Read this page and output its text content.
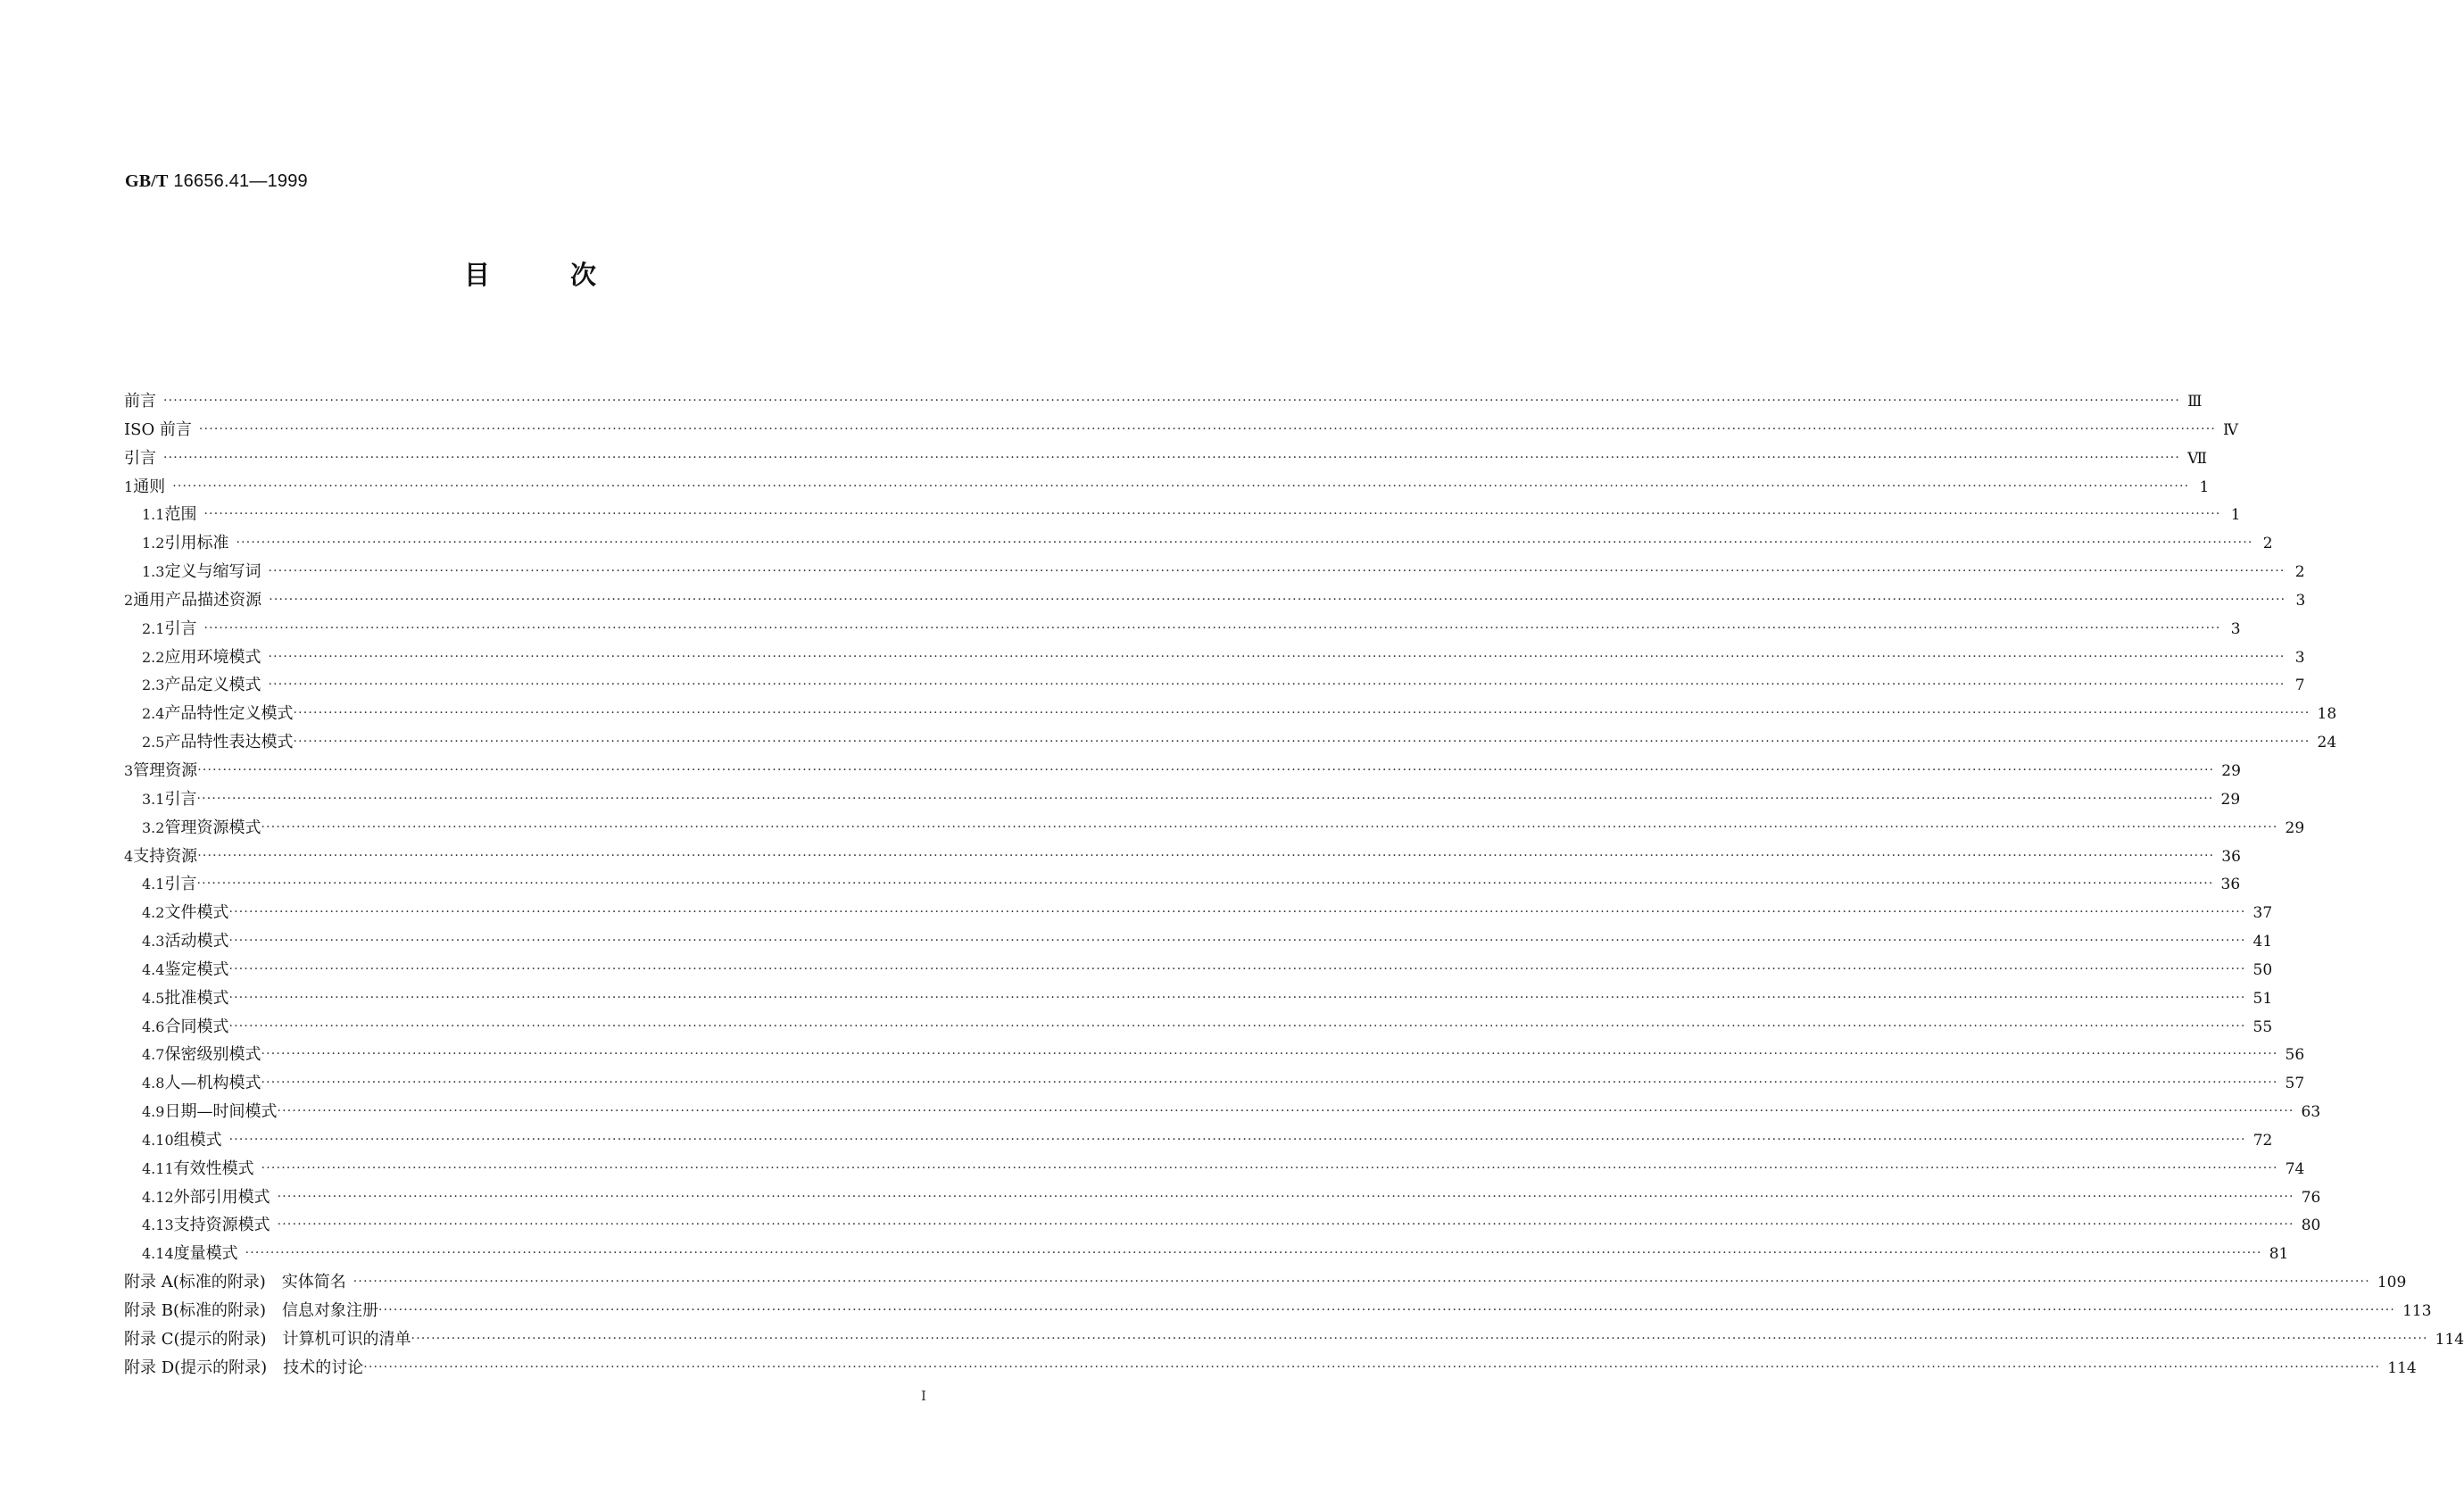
GB/T 16656.41—1999
目次
前言 ················································································································································································································································································································································································································ Ⅲ
ISO 前言 ················································································································································································································································································································································································································ Ⅳ
引言 ················································································································································································································································································································································································································ Ⅶ
1 通则 ················································································································································································································································································································································································································ 1
1.1 范围 ················································································································································································································································································································································································································ 1
1.2 引用标准 ················································································································································································································································································································································································································ 2
1.3 定义与缩写词 ················································································································································································································································································································································································································ 2
2 通用产品描述资源 ················································································································································································································································································································································································································ 3
2.1 引言 ················································································································································································································································································································································································································ 3
2.2 应用环境模式 ················································································································································································································································································································································································································ 3
2.3 产品定义模式 ················································································································································································································································································································································································································ 7
2.4 产品特性定义模式 ················································································································································································································································································································································································································ 18
2.5 产品特性表达模式 ················································································································································································································································································································································································································ 24
3 管理资源 ················································································································································································································································································································································································································ 29
3.1 引言 ················································································································································································································································································································································································································ 29
3.2 管理资源模式 ················································································································································································································································································································································································································ 29
4 支持资源 ················································································································································································································································································································································································································ 36
4.1 引言 ················································································································································································································································································································································································································ 36
4.2 文件模式 ················································································································································································································································································································································································································ 37
4.3 活动模式 ················································································································································································································································································································································································································ 41
4.4 鉴定模式 ················································································································································································································································································································································································································ 50
4.5 批准模式 ················································································································································································································································································································································································································ 51
4.6 合同模式 ················································································································································································································································································································································································································ 55
4.7 保密级别模式 ················································································································································································································································································································································································································ 56
4.8 人—机构模式 ················································································································································································································································································································································································································ 57
4.9 日期—时间模式 ················································································································································································································································································································································································································ 63
4.10 组模式 ················································································································································································································································································································································································································ 72
4.11 有效性模式 ················································································································································································································································································································································································································ 74
4.12 外部引用模式 ················································································································································································································································································································································································································ 76
4.13 支持资源模式 ················································································································································································································································································································································································································ 80
4.14 度量模式 ················································································································································································································································································································································································································ 81
附录 A(标准的附录)　实体简名 ················································································································································································································································································································································································································ 109
附录 B(标准的附录)　信息对象注册 ················································································································································································································································································································································································································ 113
附录 C(提示的附录)　计算机可识的清单 ················································································································································································································································································································································································································ 114
附录 D(提示的附录)　技术的讨论 ················································································································································································································································································································································································································ 114
Ⅰ
